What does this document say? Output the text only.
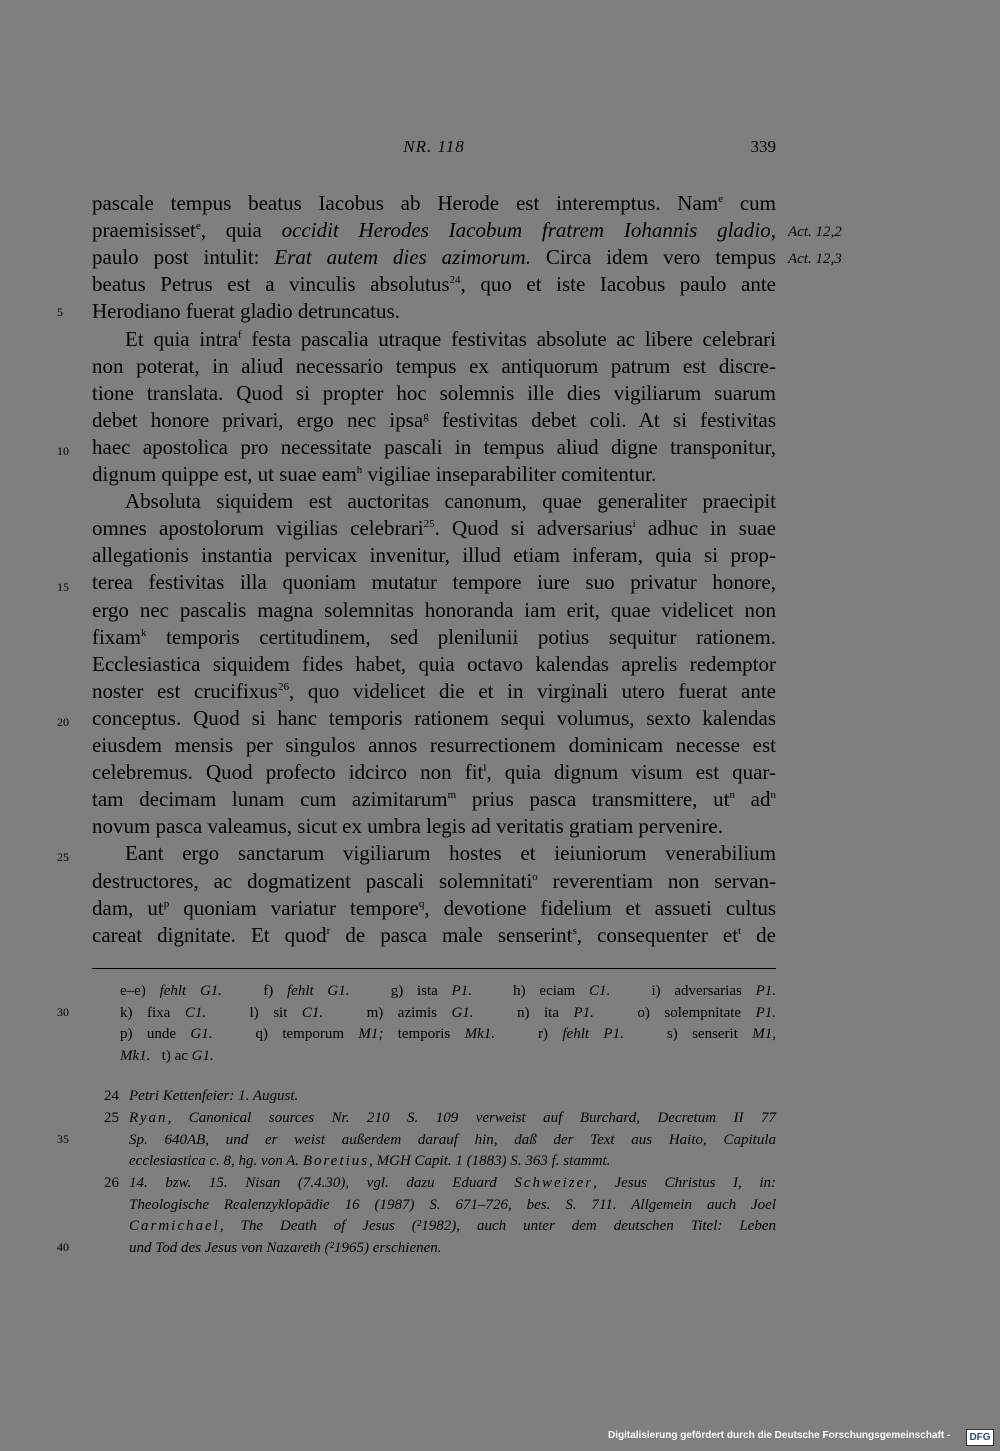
NR. 118	339
pascale tempus beatus Iacobus ab Herode est interemptus. Nam$^e$ cum
praemisisset$^e$, quia occidit Herodes Iacobum fratrem Iohannis gladio,
paulo post intulit: Erat autem dies azimorum. Circa idem vero tempus
beatus Petrus est a vinculis absolutus$^{24}$, quo et iste Iacobus paulo ante
Herodiano fuerat gladio detruncatus.
Et quia intra$^f$ festa pascalia utraque festivitas absolute ac libere celebrari
non poterat, in aliud necessario tempus ex antiquorum patrum est discre-
tione translata. Quod si propter hoc solemnis ille dies vigiliarum suarum
debet honore privari, ergo nec ipsa$^g$ festivitas debet coli. At si festivitas
haec apostolica pro necessitate pascali in tempus aliud digne transponitur,
dignum quippe est, ut suae eam$^h$ vigiliae inseparabiliter comitentur.
Absoluta siquidem est auctoritas canonum, quae generaliter praecipit
omnes apostolorum vigilias celebrari$^{25}$. Quod si adversarius$^i$ adhuc in suae
allegationis instantia pervicax invenitur, illud etiam inferam, quia si prop-
terea festivitas illa quoniam mutatur tempore iure suo privatur honore,
ergo nec pascalis magna solemnitas honoranda iam erit, quae videlicet non
fixam$^k$ temporis certitudinem, sed plenilunii potius sequitur rationem.
Ecclesiastica siquidem fides habet, quia octavo kalendas aprelis redemptor
noster est crucifixus$^{26}$, quo videlicet die et in virginali utero fuerat ante
conceptus. Quod si hanc temporis rationem sequi volumus, sexto kalendas
eiusdem mensis per singulos annos resurrectionem dominicam necesse est
celebremus. Quod profecto idcirco non fit$^l$, quia dignum visum est quar-
tam decimam lunam cum azimitarum$^m$ prius pasca transmittere, $ut^n$ $ad^n$
novum pasca valeamus, sicut ex umbra legis ad veritatis gratiam pervenire.
Eant ergo sanctarum vigiliarum hostes et ieiuniorum venerabilium
destructores, ac dogmatizent pascali solemnitati$^o$ reverentiam non servan-
dam, $ut^p$ quoniam variatur tempore$^q$, devotione fidelium et assueti cultus
careat dignitate. Et quod$^r$ de pasca male senserint$^s$, consequenter $et^t$ de
5
10
15
20
25
30
35
40
Act. 12,2
Act. 12,3
e–e) fehlt G1.   f) fehlt G1.   g) ista P1.   h) eciam C1.   i) adversarias P1.
k) fixa C1.   l) sit C1.   m) azimis G1.   n) ita P1.   o) solempnitate P1.
p) unde G1.   q) temporum M1; temporis Mk1.   r) fehlt P1.   s) senserit M1,
Mk1.   t) ac G1.
24 Petri Kettenfeier: 1. August.
25 Ryan, Canonical sources Nr. 210 S. 109 verweist auf Burchard, Decretum II 77
Sp. 640AB, und er weist außerdem darauf hin, daß der Text aus Haito, Capitula
ecclesiastica c. 8, hg. von A. Boretius, MGH Capit. 1 (1883) S. 363 f. stammt.
26 14. bzw. 15. Nisan (7.4.30), vgl. dazu Eduard Schweizer, Jesus Christus I, in:
Theologische Realenzyklopädie 16 (1987) S. 671–726, bes. S. 711. Allgemein auch Joel
Carmichael, The Death of Jesus (²1982), auch unter dem deutschen Titel: Leben
und Tod des Jesus von Nazareth (²1965) erschienen.
Digitalisierung gefördert durch die Deutsche Forschungsgemeinschaft -	DFG
